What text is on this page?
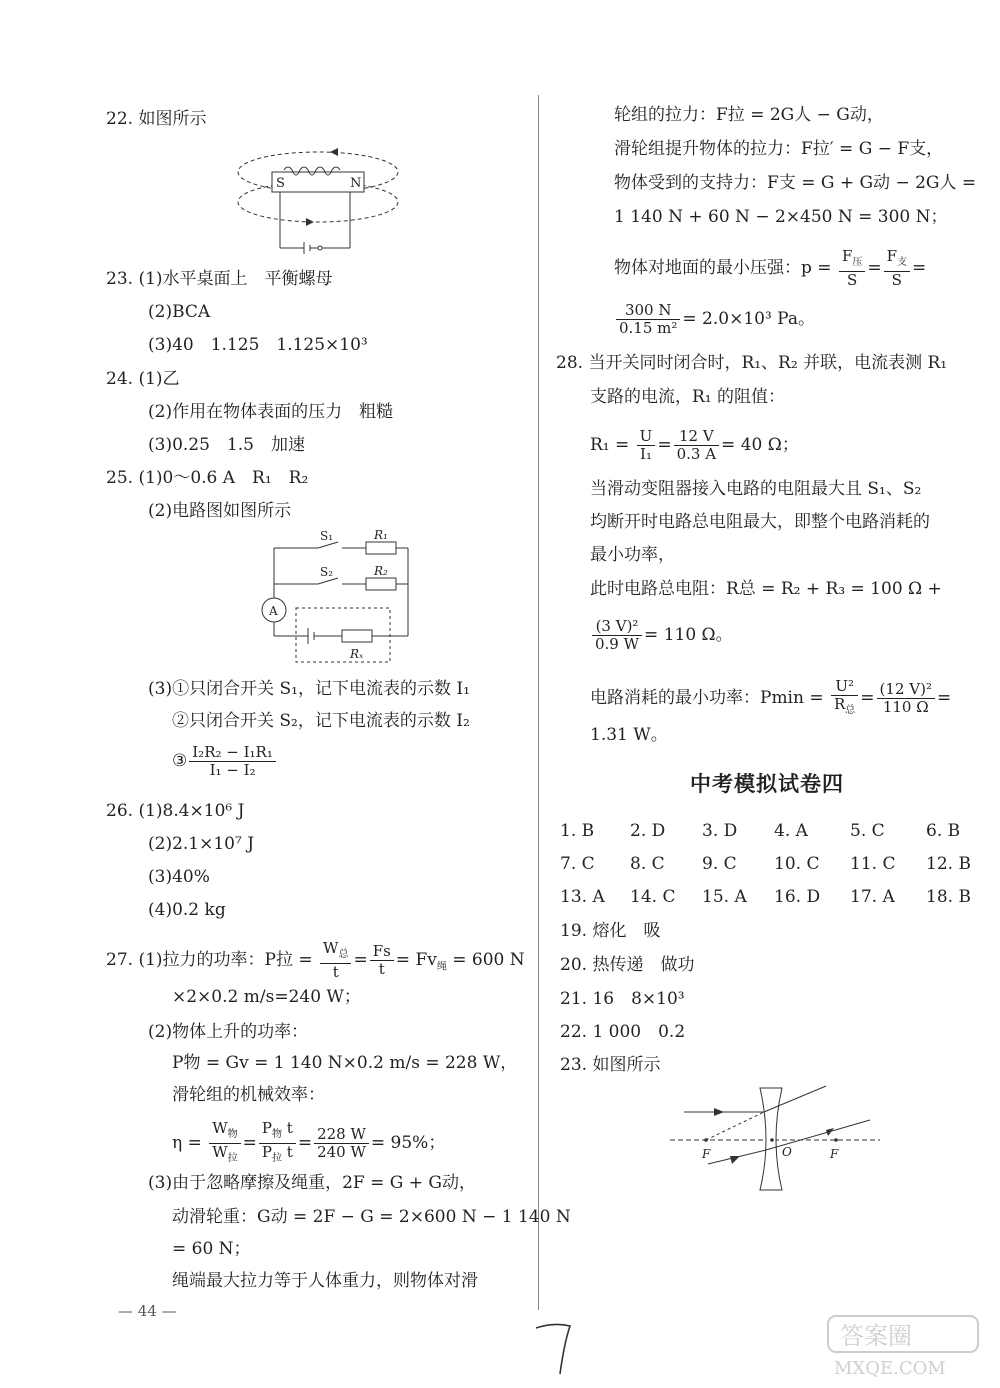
22. 如图所示
S	N
23. (1)水平桌面上　平衡螺母
(2)BCA
(3)40　1.125　1.125×10³
24. (1)乙
(2)作用在物体表面的压力　粗糙
(3)0.25　1.5　加速
25. (1)0～0.6 A　R₁　R₂
(2)电路图如图所示
S₁	R₁
S₂	R₂
A
Rₓ
(3)①只闭合开关 S₁，记下电流表的示数 I₁
②只闭合开关 S₂，记下电流表的示数 I₂
③ $\frac{\text{I₂R₂ − I₁R₁}}{\text{I₁ − I₂}}$
26. (1)8.4×10⁶ J
(2)2.1×10⁷ J
(3)40%
(4)0.2 kg
27. (1)拉力的功率：P拉 = $\frac{W_总}{t} = \frac{Fs}{t} = Fv_绳 = 600$ N
×2×0.2 m/s=240 W；
(2)物体上升的功率：
P物 = Gv = 1 140 N×0.2 m/s = 228 W，
滑轮组的机械效率：
$\eta = \frac{W_物}{W_拉} = \frac{P_物 t}{P_拉 t} = \frac{228 W}{240 W} = 95\%$；
(3)由于忽略摩擦及绳重，2F = G + G动，
动滑轮重：G动 = 2F − G = 2×600 N − 1 140 N
= 60 N；
绳端最大拉力等于人体重力，则物体对滑
— 44 —
轮组的拉力：F拉 = 2G人 − G动，
滑轮组提升物体的拉力：F拉′ = G − F支，
物体受到的支持力：F支 = G + G动 − 2G人 =
1 140 N + 60 N − 2×450 N = 300 N；
物体对地面的最小压强：$p = \frac{F_压}{S} = \frac{F_支}{S}$ =
$\frac{300 N}{\text{0.15 m²}} = 2.0\times 10^3$ Pa。
28. 当开关同时闭合时，R₁、R₂ 并联，电流表测 R₁
支路的电流，R₁ 的阻值：
$R_1 = \frac{U}{\text{I₁}} = \frac{12 V}{0.3 A} = 40$ Ω；
当滑动变阻器接入电路的电阻最大且 S₁、S₂
均断开时电路总电阻最大，即整个电路消耗的
最小功率，
此时电路总电阻：R总 = R₂ + R₃ = 100 Ω +
$\frac{\text{(3 V)²}}{0.9 W} = 110$ Ω。
电路消耗的最小功率：$Pmin = \frac{\text{U²}}{R_总} = \frac{\text{(12 V)²}}{110 \Omega}$ =
1.31 W。
中考模拟试卷四
1. B 2. D 3. D 4. A 5. C 6. B
7. C 8. C 9. C 10. C 11. C 12. B
13. A 14. C 15. A 16. D 17. A 18. B
19. 熔化　吸
20. 热传递　做功
21. 16　8×10³
22. 1 000　0.2
23. 如图所示
F	O	F
答案圈
MXQE.COM
